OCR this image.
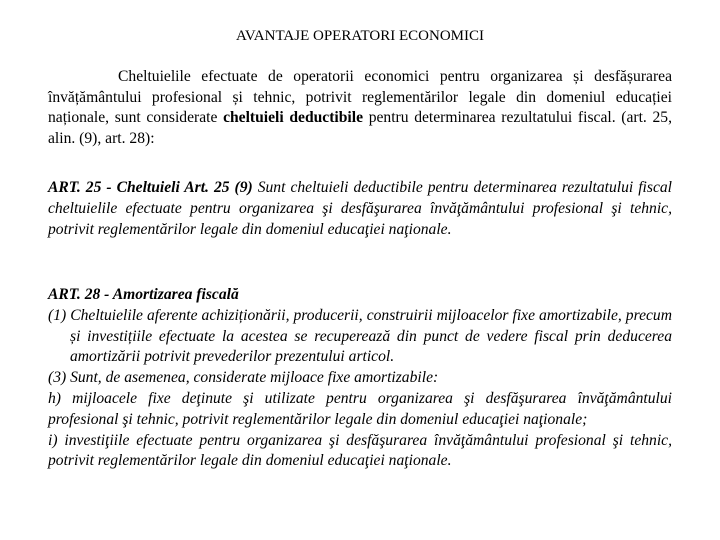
AVANTAJE OPERATORI ECONOMICI
Cheltuielile efectuate de operatorii economici pentru organizarea și desfășurarea învățământului profesional și tehnic, potrivit reglementărilor legale din domeniul educației naționale, sunt considerate cheltuieli deductibile pentru determinarea rezultatului fiscal. (art. 25, alin. (9), art. 28):
ART. 25 - Cheltuieli Art. 25 (9) Sunt cheltuieli deductibile pentru determinarea rezultatului fiscal cheltuielile efectuate pentru organizarea şi desfăşurarea învăţământului profesional şi tehnic, potrivit reglementărilor legale din domeniul educaţiei naţionale.

ART. 28 - Amortizarea fiscală

(1) Cheltuielile aferente achiziționării, producerii, construirii mijloacelor fixe amortizabile, precum și investițiile efectuate la acestea se recuperează din punct de vedere fiscal prin deducerea amortizării potrivit prevederilor prezentului articol.

(3) Sunt, de asemenea, considerate mijloace fixe amortizabile:

h) mijloacele fixe deţinute şi utilizate pentru organizarea şi desfăşurarea învăţământului profesional şi tehnic, potrivit reglementărilor legale din domeniul educaţiei naţionale;

i) investiţiile efectuate pentru organizarea şi desfăşurarea învăţământului profesional şi tehnic, potrivit reglementărilor legale din domeniul educaţiei naţionale.
